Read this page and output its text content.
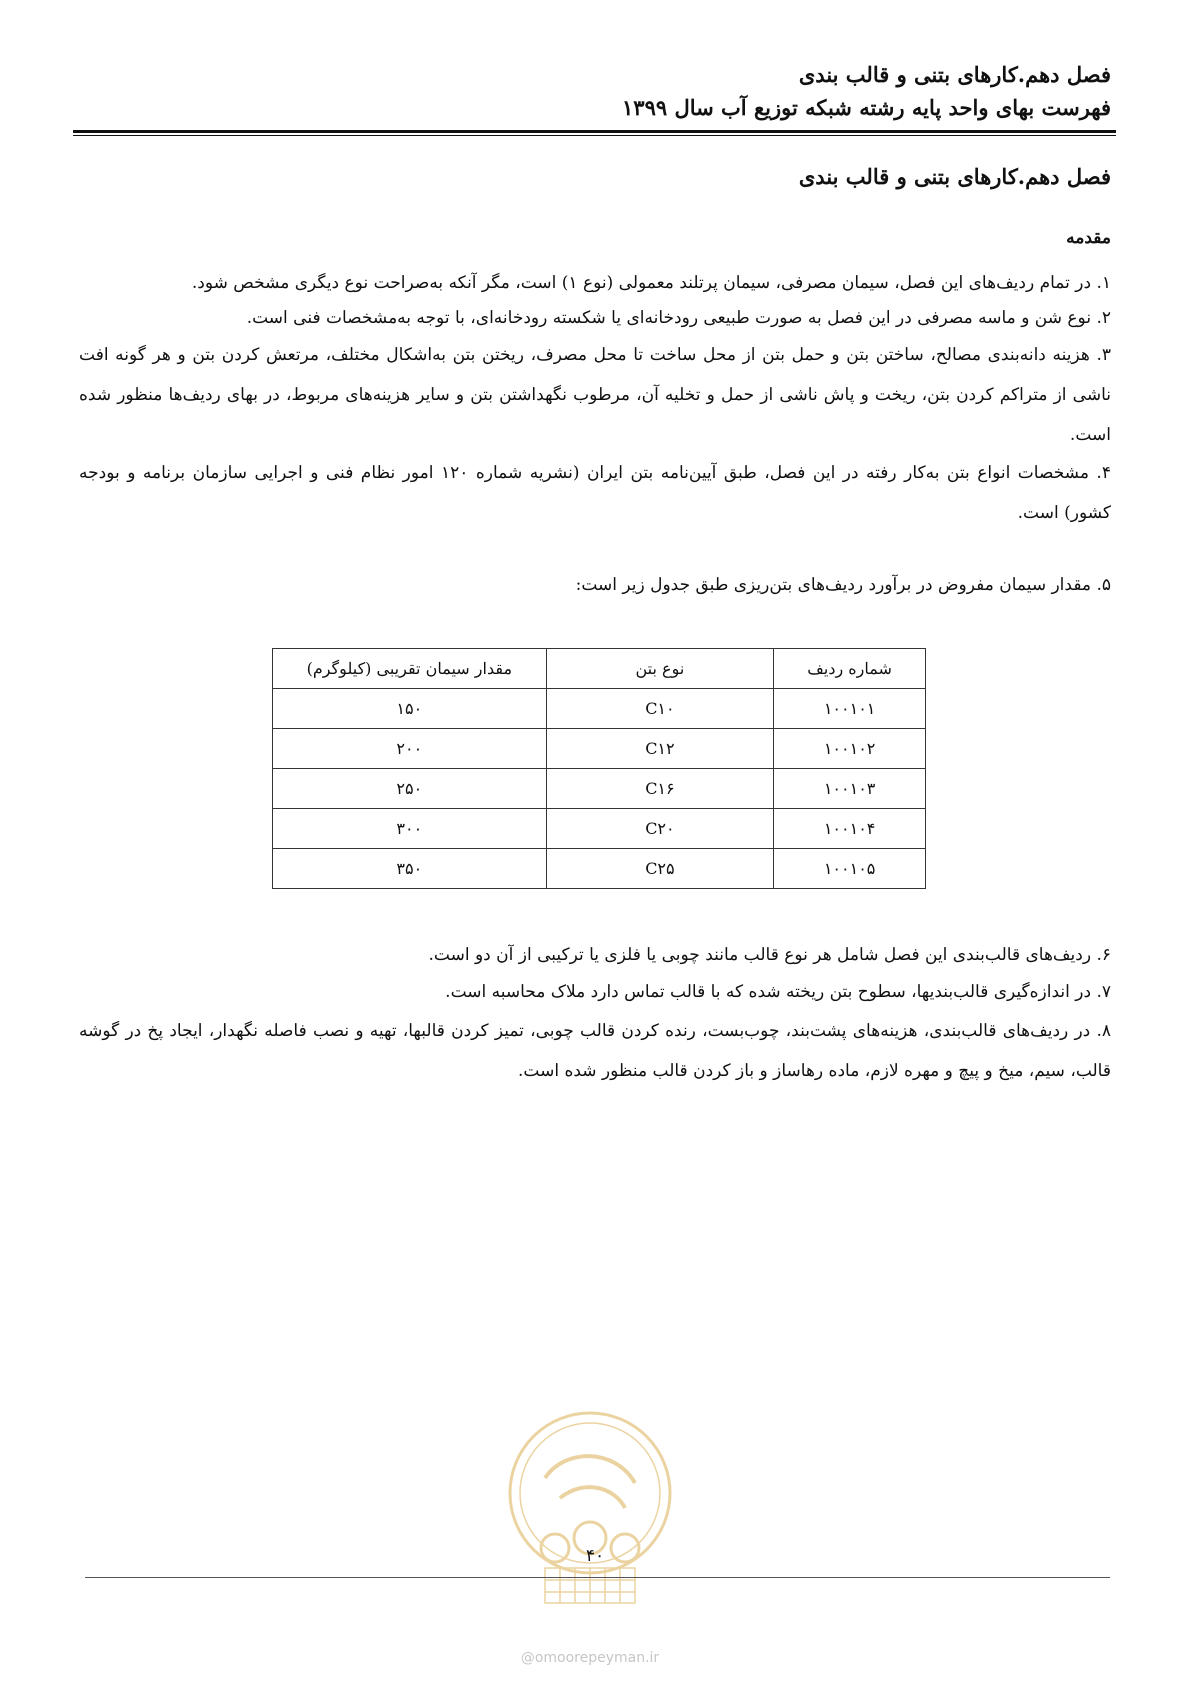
فصل دهم.کارهای بتنی و قالب بندی
فهرست بهای واحد پایه رشته شبکه توزیع آب سال ۱۳۹۹
فصل دهم.کارهای بتنی و قالب بندی
مقدمه
۱. در تمام ردیف‌های این فصل، سیمان مصرفی، سیمان پرتلند معمولی (نوع ۱) است، مگر آنکه به‌صراحت نوع دیگری مشخص شود.
۲. نوع شن و ماسه مصرفی در این فصل به صورت طبیعی رودخانه‌ای یا شکسته رودخانه‌ای، با توجه به‌مشخصات فنی است.
۳. هزینه دانه‌بندی مصالح، ساختن بتن و حمل بتن از محل ساخت تا محل مصرف، ریختن بتن به‌اشکال مختلف، مرتعش کردن بتن و هر گونه افت ناشی از متراکم کردن بتن، ریخت و پاش ناشی از حمل و تخلیه آن، مرطوب نگهداشتن بتن و سایر هزینه‌های مربوط، در بهای ردیف‌ها منظور شده است.
۴. مشخصات انواع بتن به‌کار رفته در این فصل، طبق آیین‌نامه بتن ایران (نشریه شماره ۱۲۰ امور نظام فنی و اجرایی سازمان برنامه و بودجه کشور) است.
۵. مقدار سیمان مفروض در برآورد ردیف‌های بتن‌ریزی طبق جدول زیر است:
شماره ردیف	نوع بتن	مقدار سیمان تقریبی (کیلوگرم)
۱۰۰۱۰۱	C۱۰	۱۵۰
۱۰۰۱۰۲	C۱۲	۲۰۰
۱۰۰۱۰۳	C۱۶	۲۵۰
۱۰۰۱۰۴	C۲۰	۳۰۰
۱۰۰۱۰۵	C۲۵	۳۵۰
۶. ردیف‌های قالب‌بندی این فصل شامل هر نوع قالب مانند چوبی یا فلزی یا ترکیبی از آن دو است.
۷. در اندازه‌گیری قالب‌بندیها، سطوح بتن ریخته شده که با قالب تماس دارد ملاک محاسبه است.
۸. در ردیف‌های قالب‌بندی، هزینه‌های پشت‌بند، چوب‌بست، رنده کردن قالب چوبی، تمیز کردن قالبها، تهیه و نصب فاصله نگهدار، ایجاد پخ در گوشه قالب، سیم، میخ و پیچ و مهره لازم، ماده رهاساز و باز کردن قالب منظور شده است.
۴۰
@omoorepeyman.ir
